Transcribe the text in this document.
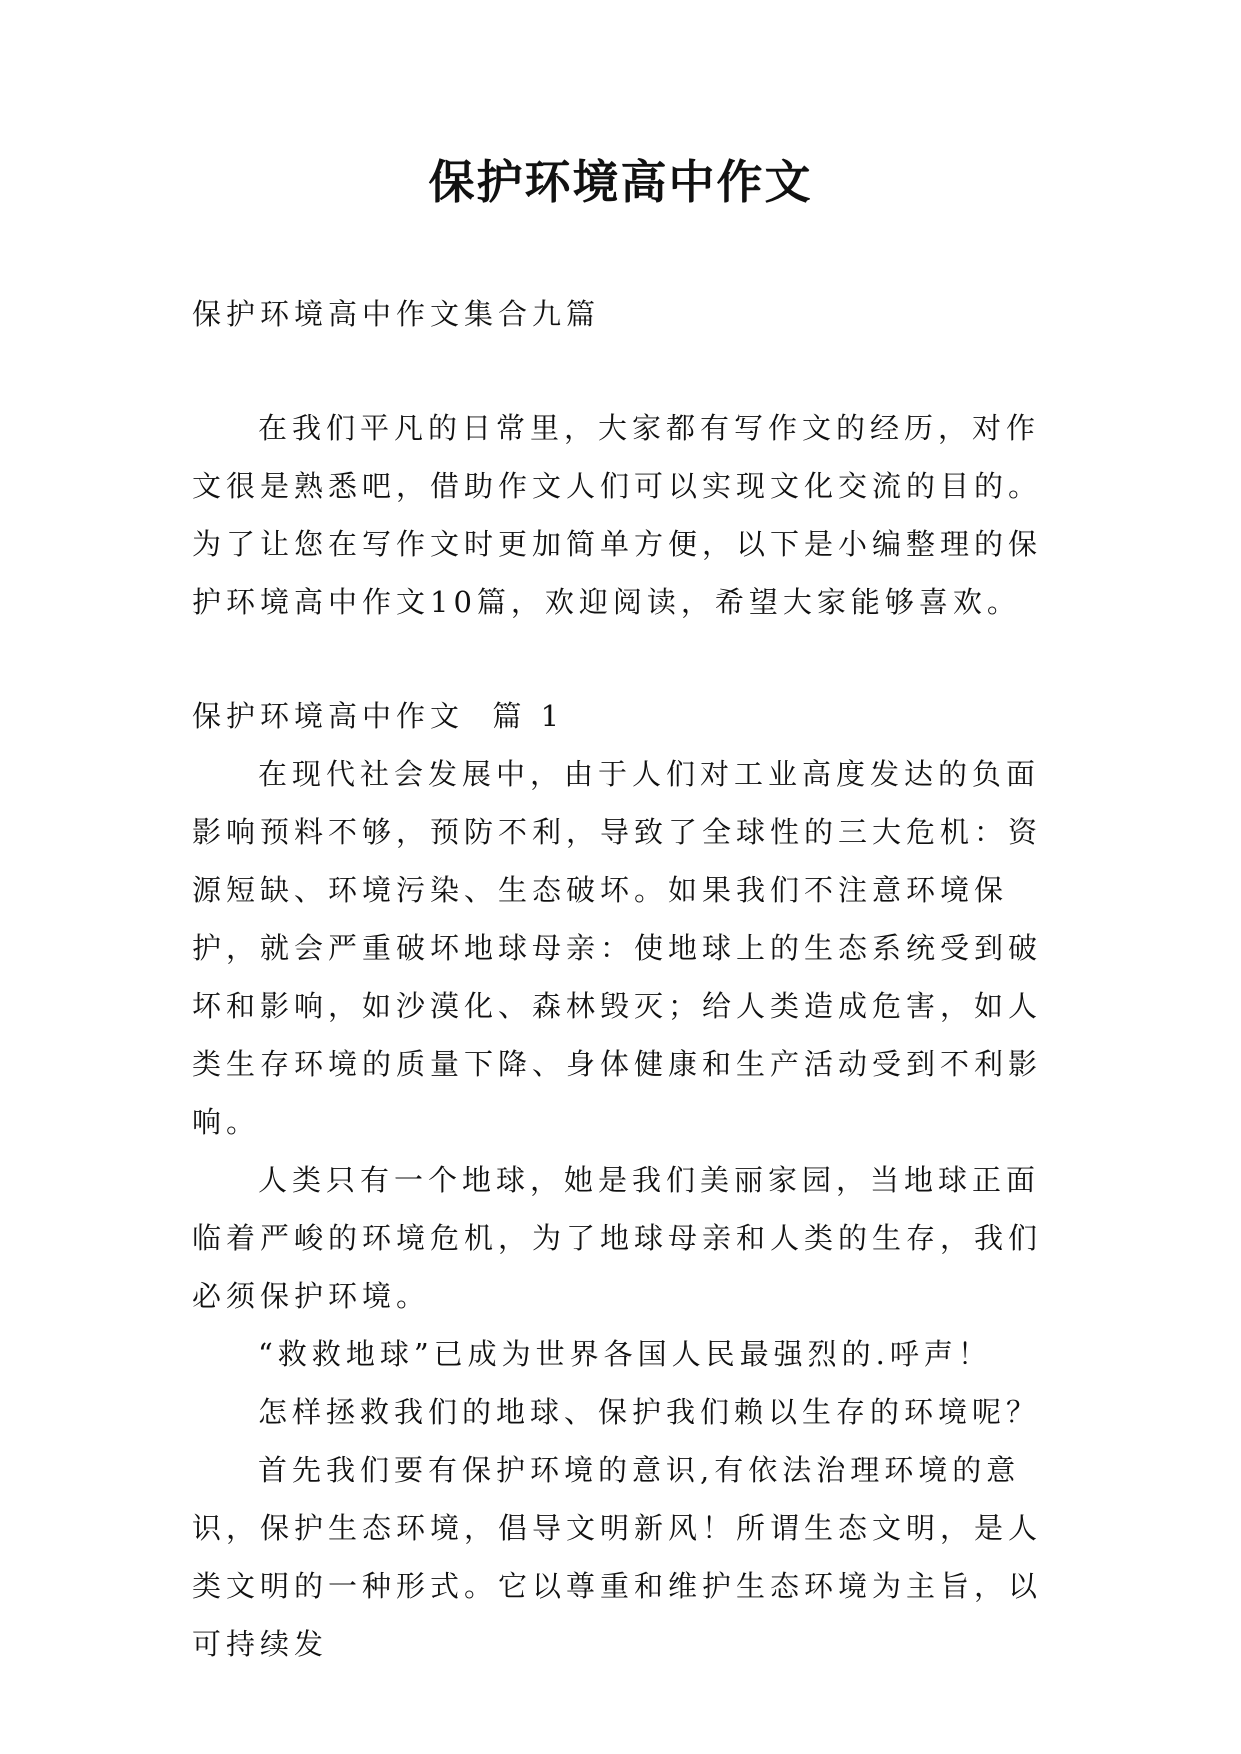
保护环境高中作文

保护环境高中作文集合九篇

在我们平凡的日常里，大家都有写作文的经历，对作文很是熟悉吧，借助作文人们可以实现文化交流的目的。为了让您在写作文时更加简单方便，以下是小编整理的保护环境高中作文10篇，欢迎阅读，希望大家能够喜欢。

保护环境高中作文  篇 1

在现代社会发展中，由于人们对工业高度发达的负面影响预料不够，预防不利，导致了全球性的三大危机：资源短缺、环境污染、生态破坏。如果我们不注意环境保护，就会严重破坏地球母亲：使地球上的生态系统受到破坏和影响，如沙漠化、森林毁灭；给人类造成危害，如人类生存环境的质量下降、身体健康和生产活动受到不利影响。

人类只有一个地球，她是我们美丽家园，当地球正面临着严峻的环境危机，为了地球母亲和人类的生存，我们必须保护环境。

“救救地球”已成为世界各国人民最强烈的.呼声！

怎样拯救我们的地球、保护我们赖以生存的环境呢？

首先我们要有保护环境的意识,有依法治理环境的意识，保护生态环境，倡导文明新风！所谓生态文明，是人类文明的一种形式。它以尊重和维护生态环境为主旨，以可持续发
